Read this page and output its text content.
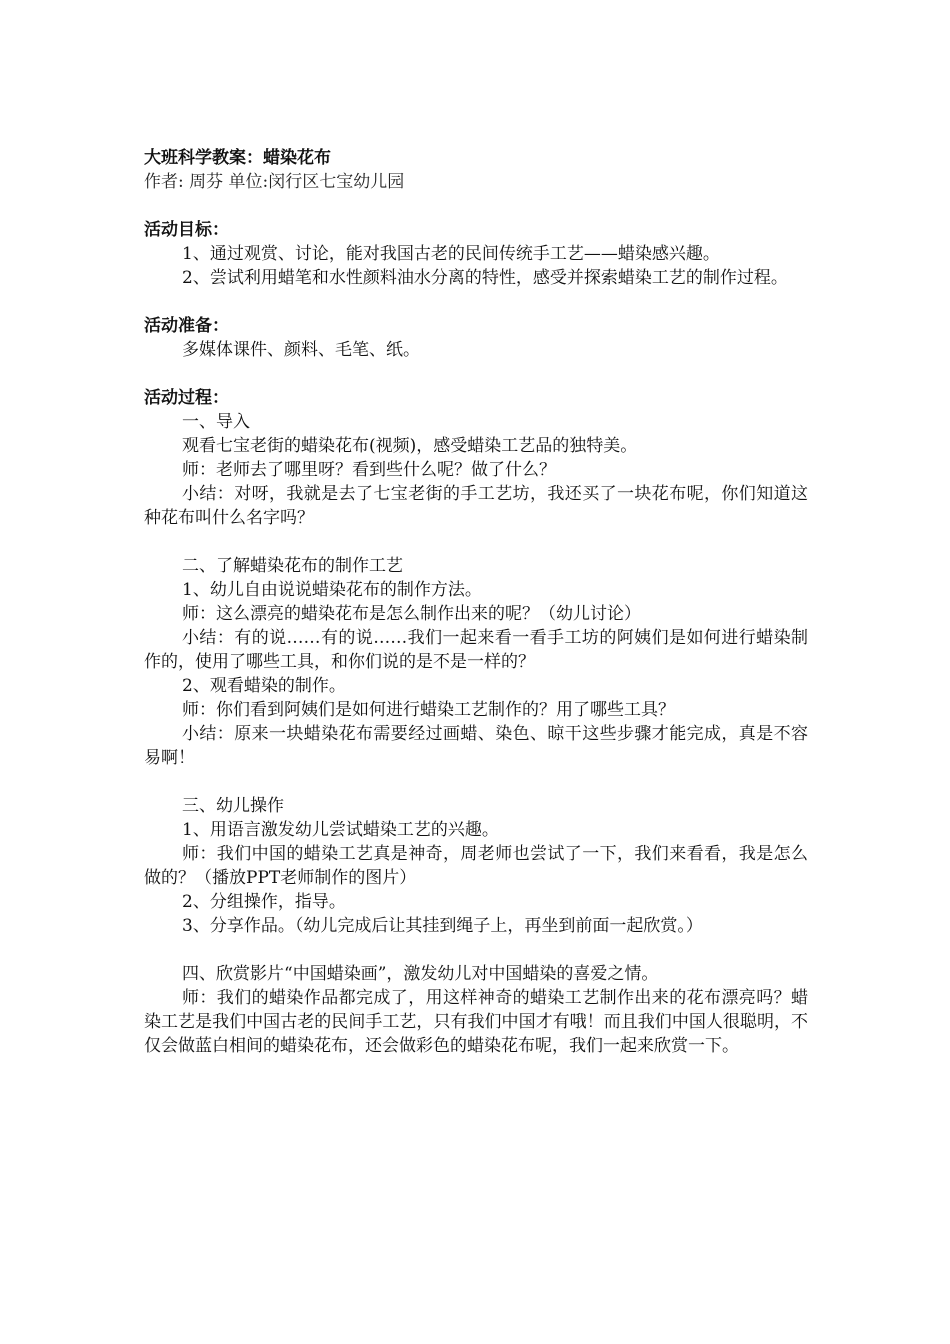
大班科学教案：蜡染花布

作者: 周芬 单位:闵行区七宝幼儿园

活动目标：

1、通过观赏、讨论，能对我国古老的民间传统手工艺——蜡染感兴趣。

2、尝试利用蜡笔和水性颜料油水分离的特性，感受并探索蜡染工艺的制作过程。

活动准备：

多媒体课件、颜料、毛笔、纸。

活动过程：

一、导入

观看七宝老街的蜡染花布(视频)，感受蜡染工艺品的独特美。

师：老师去了哪里呀？看到些什么呢？做了什么？

小结：对呀，我就是去了七宝老街的手工艺坊，我还买了一块花布呢，你们知道这种花布叫什么名字吗？

二、了解蜡染花布的制作工艺

1、幼儿自由说说蜡染花布的制作方法。

师：这么漂亮的蜡染花布是怎么制作出来的呢？（幼儿讨论）

小结：有的说……有的说……我们一起来看一看手工坊的阿姨们是如何进行蜡染制作的，使用了哪些工具，和你们说的是不是一样的？

2、观看蜡染的制作。

师：你们看到阿姨们是如何进行蜡染工艺制作的？用了哪些工具？

小结：原来一块蜡染花布需要经过画蜡、染色、晾干这些步骤才能完成，真是不容易啊！

三、幼儿操作

1、用语言激发幼儿尝试蜡染工艺的兴趣。

师：我们中国的蜡染工艺真是神奇，周老师也尝试了一下，我们来看看，我是怎么做的？（播放PPT老师制作的图片）

2、分组操作，指导。

3、分享作品。（幼儿完成后让其挂到绳子上，再坐到前面一起欣赏。）

四、欣赏影片“中国蜡染画”，激发幼儿对中国蜡染的喜爱之情。

师：我们的蜡染作品都完成了，用这样神奇的蜡染工艺制作出来的花布漂亮吗？蜡染工艺是我们中国古老的民间手工艺，只有我们中国才有哦！而且我们中国人很聪明，不仅会做蓝白相间的蜡染花布，还会做彩色的蜡染花布呢，我们一起来欣赏一下。
